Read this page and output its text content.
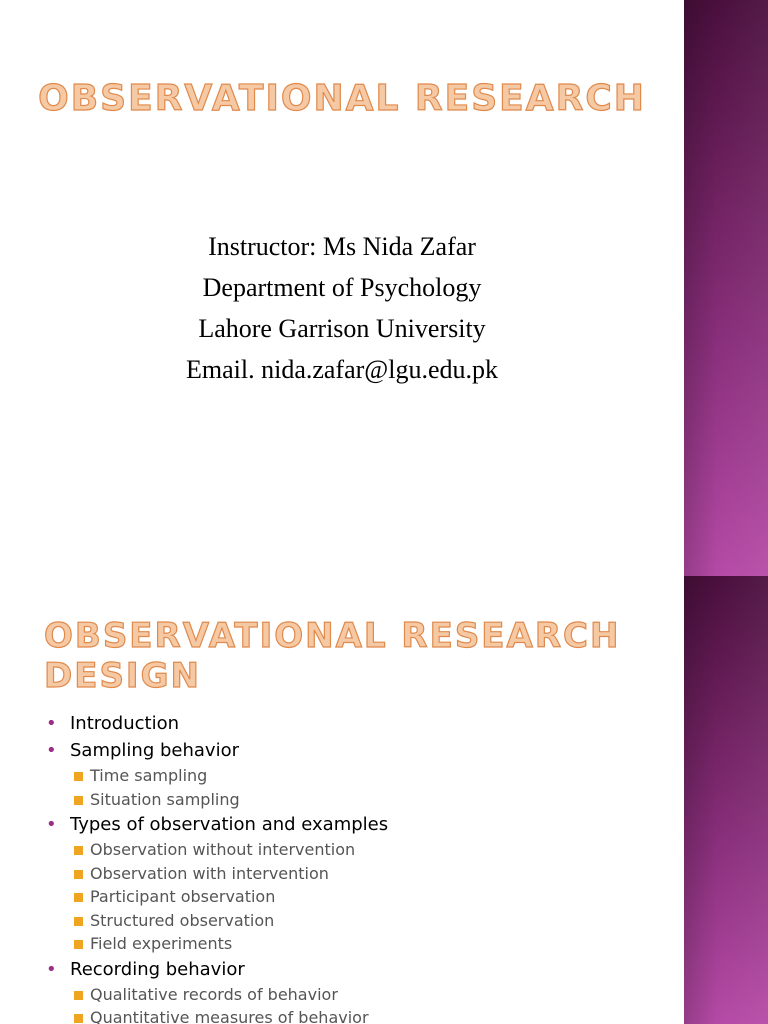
OBSERVATIONAL RESEARCH
Instructor: Ms Nida Zafar
Department of Psychology
Lahore Garrison University
Email. nida.zafar@lgu.edu.pk
OBSERVATIONAL RESEARCH DESIGN
• Introduction
• Sampling behavior
Time sampling
Situation sampling
• Types of observation and examples
Observation without intervention
Observation with intervention
Participant observation
Structured observation
Field experiments
• Recording behavior
Qualitative records of behavior
Quantitative measures of behavior
